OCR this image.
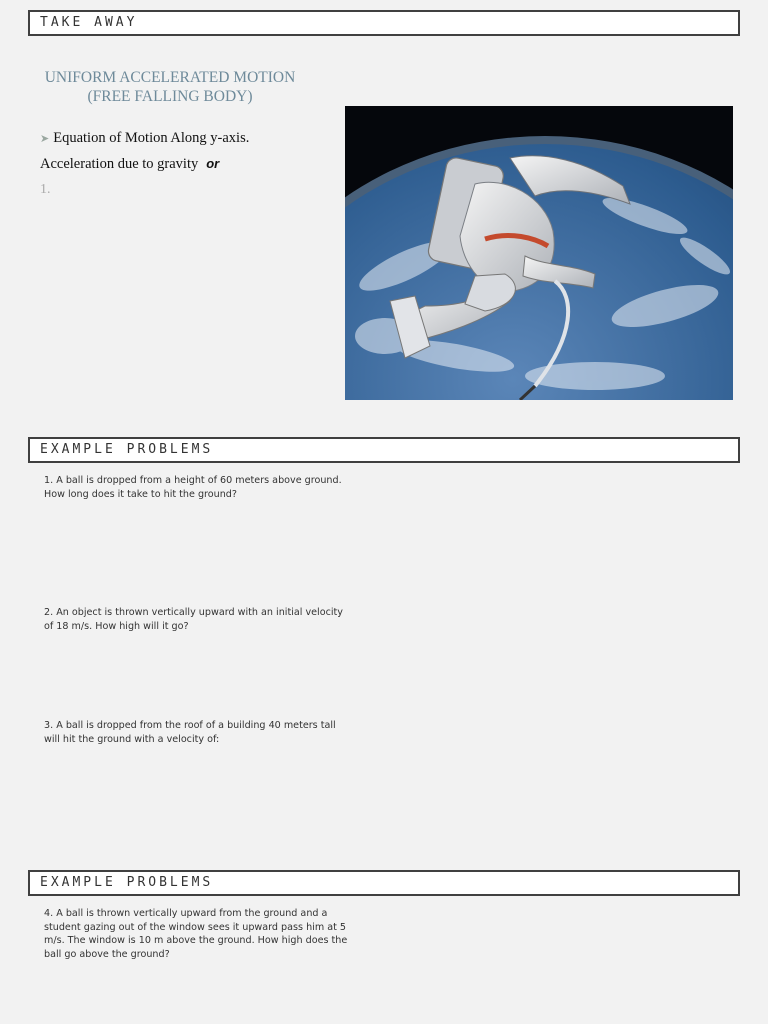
TAKE AWAY
UNIFORM ACCELERATED MOTION (FREE FALLING BODY)
➤ Equation of Motion Along y-axis.
Acceleration due to gravity or
1.
EXAMPLE PROBLEMS
1. A ball is dropped from a height of 60 meters above ground. How long does it take to hit the ground?
2. An object is thrown vertically upward with an initial velocity of 18 m/s. How high will it go?
3. A ball is dropped from the roof of a building 40 meters tall will hit the ground with a velocity of:
EXAMPLE PROBLEMS
4. A ball is thrown vertically upward from the ground and a student gazing out of the window sees it upward pass him at 5 m/s. The window is 10 m above the ground. How high does the ball go above the ground?
